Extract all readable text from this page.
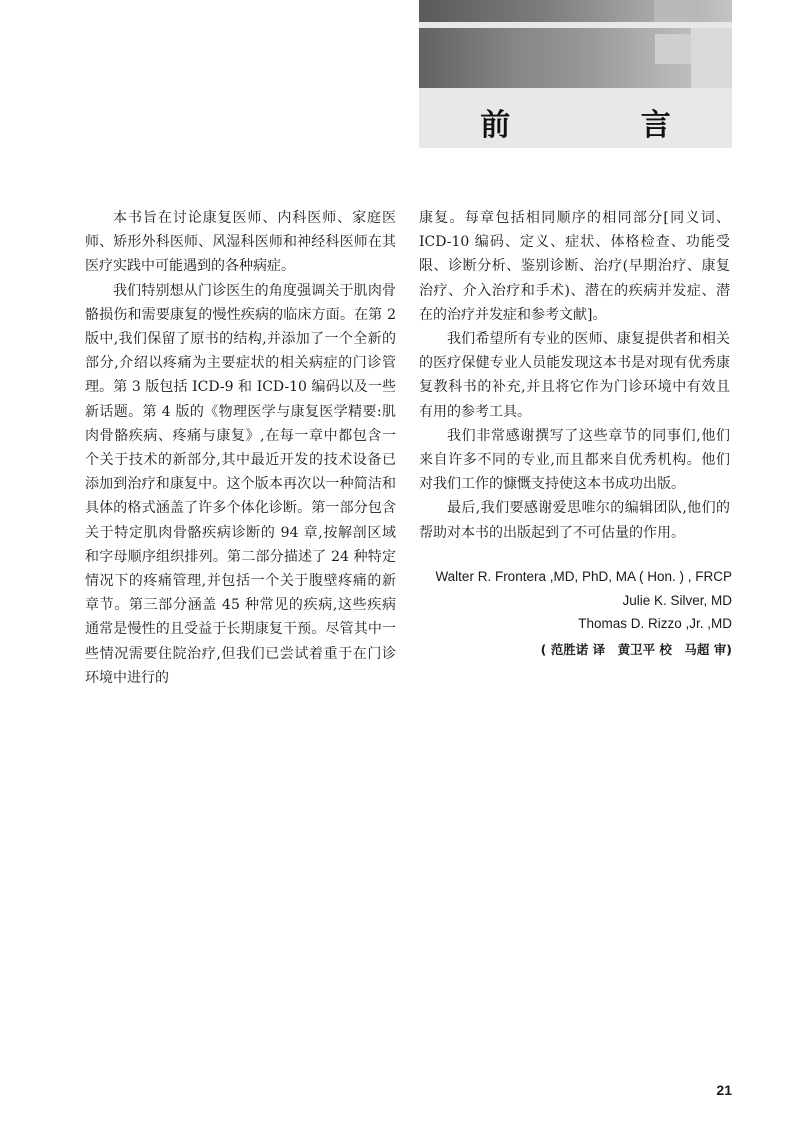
前 言

本书旨在讨论康复医师、内科医师、家庭医师、矫形外科医师、风湿科医师和神经科医师在其医疗实践中可能遇到的各种病症。

我们特别想从门诊医生的角度强调关于肌肉骨骼损伤和需要康复的慢性疾病的临床方面。在第 2 版中,我们保留了原书的结构,并添加了一个全新的部分,介绍以疼痛为主要症状的相关病症的门诊管理。第 3 版包括 ICD-9 和 ICD-10 编码以及一些新话题。第 4 版的《物理医学与康复医学精要:肌肉骨骼疾病、疼痛与康复》,在每一章中都包含一个关于技术的新部分,其中最近开发的技术设备已添加到治疗和康复中。这个版本再次以一种简洁和具体的格式涵盖了许多个体化诊断。第一部分包含关于特定肌肉骨骼疾病诊断的 94 章,按解剖区域和字母顺序组织排列。第二部分描述了 24 种特定情况下的疼痛管理,并包括一个关于腹壁疼痛的新章节。第三部分涵盖 45 种常见的疾病,这些疾病通常是慢性的且受益于长期康复干预。尽管其中一些情况需要住院治疗,但我们已尝试着重于在门诊环境中进行的

康复。每章包括相同顺序的相同部分[同义词、ICD-10 编码、定义、症状、体格检查、功能受限、诊断分析、鉴别诊断、治疗(早期治疗、康复治疗、介入治疗和手术)、潜在的疾病并发症、潜在的治疗并发症和参考文献]。

我们希望所有专业的医师、康复提供者和相关的医疗保健专业人员能发现这本书是对现有优秀康复教科书的补充,并且将它作为门诊环境中有效且有用的参考工具。

我们非常感谢撰写了这些章节的同事们,他们来自许多不同的专业,而且都来自优秀机构。他们对我们工作的慷慨支持使这本书成功出版。

最后,我们要感谢爱思唯尔的编辑团队,他们的帮助对本书的出版起到了不可估量的作用。

Walter R. Frontera ,MD, PhD, MA ( Hon. ) , FRCP
Julie K. Silver, MD
Thomas D. Rizzo ,Jr. ,MD
( 范胜诺 译　黄卫平 校　马超 审)
21
